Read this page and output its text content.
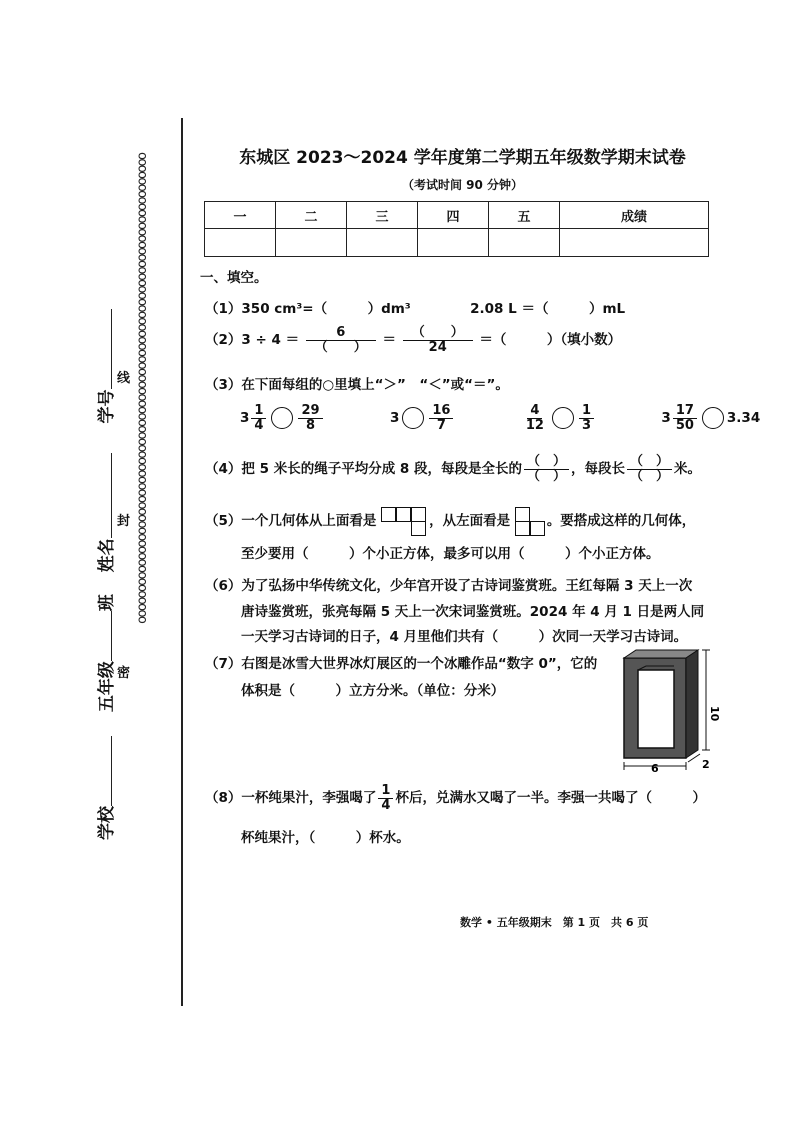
oooooooooooooooooooooooooooooooooooooooooooooooooooooooooooooooooooooooooo
学校  五年级班  姓名  学号
密
封
线
东城区 2023～2024 学年度第二学期五年级数学期末试卷
（考试时间 90 分钟）
一	二	三	四	五	成绩

一、填空。
（1）350 cm³=（　　　）dm³	2.08 L ＝（　　　）mL
$(2)3 \div 4 = \frac{6}{( )} = \frac{( )}{24}$ ＝（　　　）（填小数）
（3）在下面每组的○里填上“＞”　“＜”或“＝”。
$3 \frac{1}{4} \frac{29}{8}$	$3 \frac{16}{7}$
	$\frac{4}{12} \frac{1}{3}$	$3 \frac{17}{50} 3.34$
（4）把 5 米长的绳子平均分成 8 段，每段是全长的 $\frac{( )}{( )}$ ，每段长 $\frac{( )}{( )}$ 米。
（5）一个几何体从上面看是	，从左面看是	。要搭成这样的几何体，
至少要用（　　　）个小正方体，最多可以用（　　　）个小正方体。
（6）为了弘扬中华传统文化，少年宫开设了古诗词鉴赏班。王红每隔 3 天上一次
唐诗鉴赏班，张亮每隔 5 天上一次宋词鉴赏班。2024 年 4 月 1 日是两人同
一天学习古诗词的日子，4 月里他们共有（　　　）次同一天学习古诗词。
（7）右图是冰雪大世界冰灯展区的一个冰雕作品“数字 0”，它的
体积是（　　　）立方分米。（单位：分米）
10
6	2
（8）一杯纯果汁，李强喝了 $\frac{1}{4}$ 杯后，兑满水又喝了一半。李强一共喝了（　　　）
杯纯果汁，（　　　）杯水。
数学 • 五年级期末　第 1 页　共 6 页
